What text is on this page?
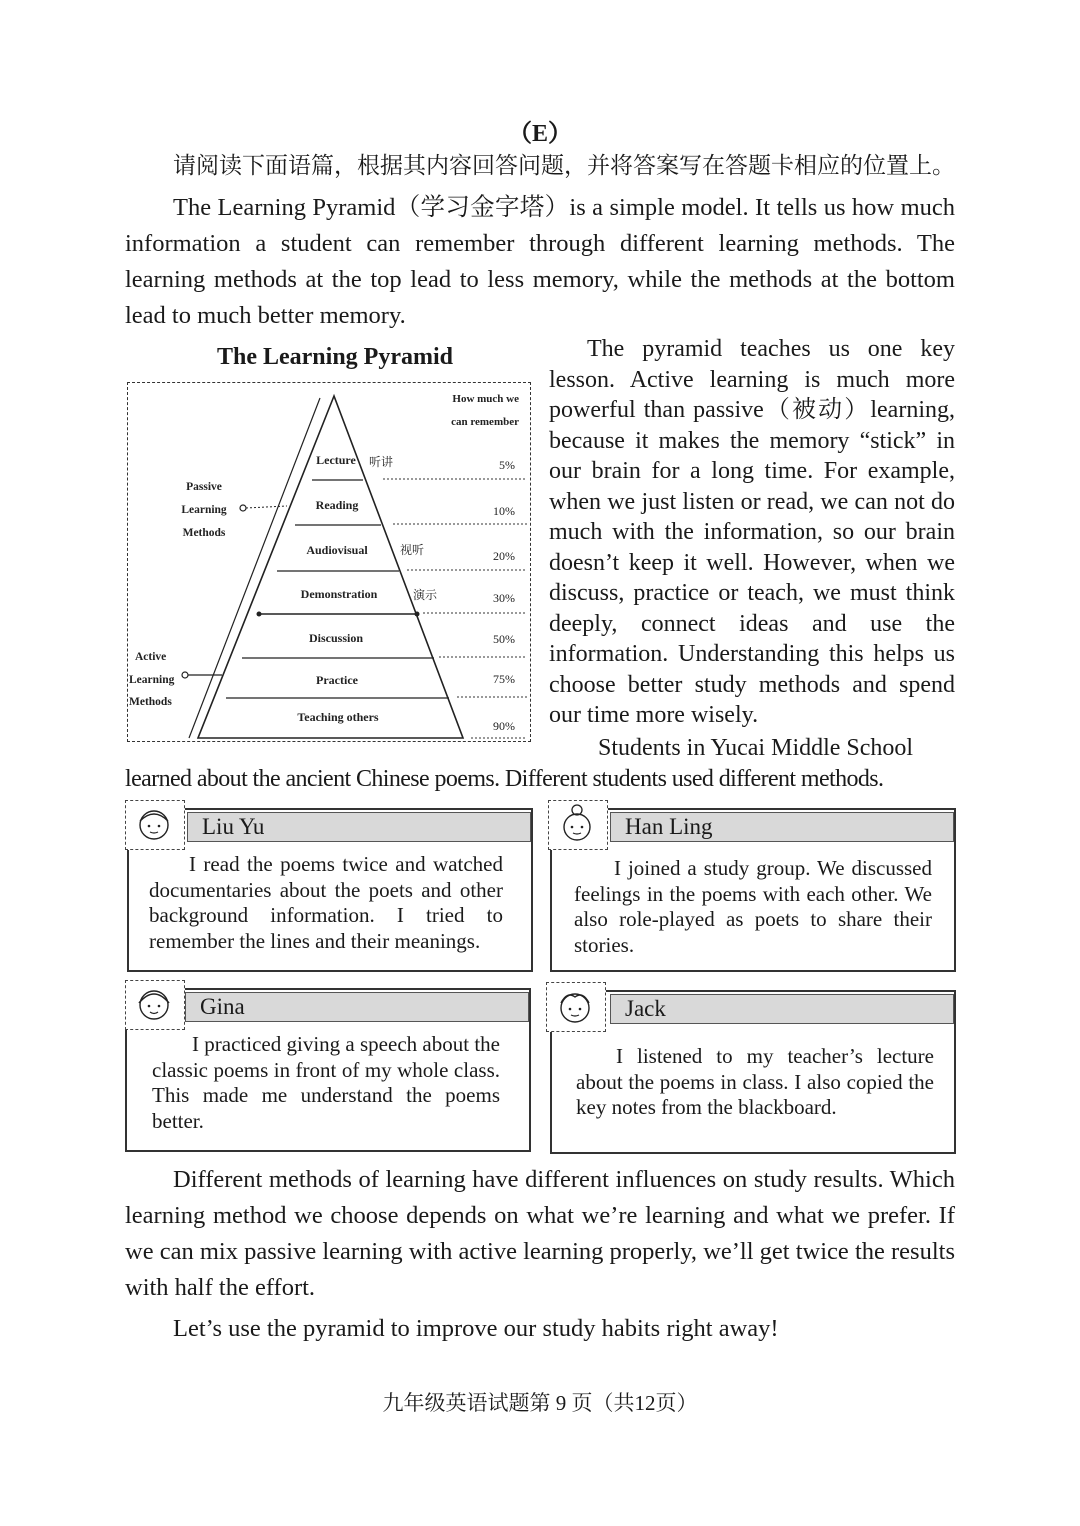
（E）
请阅读下面语篇，根据其内容回答问题，并将答案写在答题卡相应的位置上。
The Learning Pyramid（学习金字塔）is a simple model. It tells us how much information a student can remember through different learning methods. The learning methods at the top lead to less memory, while the methods at the bottom lead to much better memory.
The Learning Pyramid
Lecture
Reading
Audiovisual
Demonstration
Discussion
Practice
Teaching others
听讲
视听
演示
How much we
can remember
5%
10%
20%
30%
50%
75%
90%
Passive
Learning
Methods
Active
Learning
Methods
The pyramid teaches us one key lesson. Active learning is much more powerful than passive（被动）learning, because it makes the memory “stick” in our brain for a long time. For example, when we just listen or read, we can not do much with the information, so our brain doesn’t keep it well. However, when we discuss, practice or teach, we must think deeply, connect ideas and use the information. Understanding this helps us choose better study methods and spend our time more wisely.
Students in Yucai Middle School
learned about the ancient Chinese poems. Different students used different methods.
Liu Yu

I read the poems twice and watched documentaries about the poets and other background information. I tried to remember the lines and their meanings.

Han Ling

I joined a study group. We discussed feelings in the poems with each other. We also role-played as poets to share their stories.

Gina

I practiced giving a speech about the classic poems in front of my whole class. This made me understand the poems better.

Jack

I listened to my teacher’s lecture about the poems in class. I also copied the key notes from the blackboard.

Different methods of learning have different influences on study results. Which learning method we choose depends on what we’re learning and what we prefer. If we can mix passive learning with active learning properly, we’ll get twice the results with half the effort.
Let’s use the pyramid to improve our study habits right away!
九年级英语试题第 9 页（共12页）
